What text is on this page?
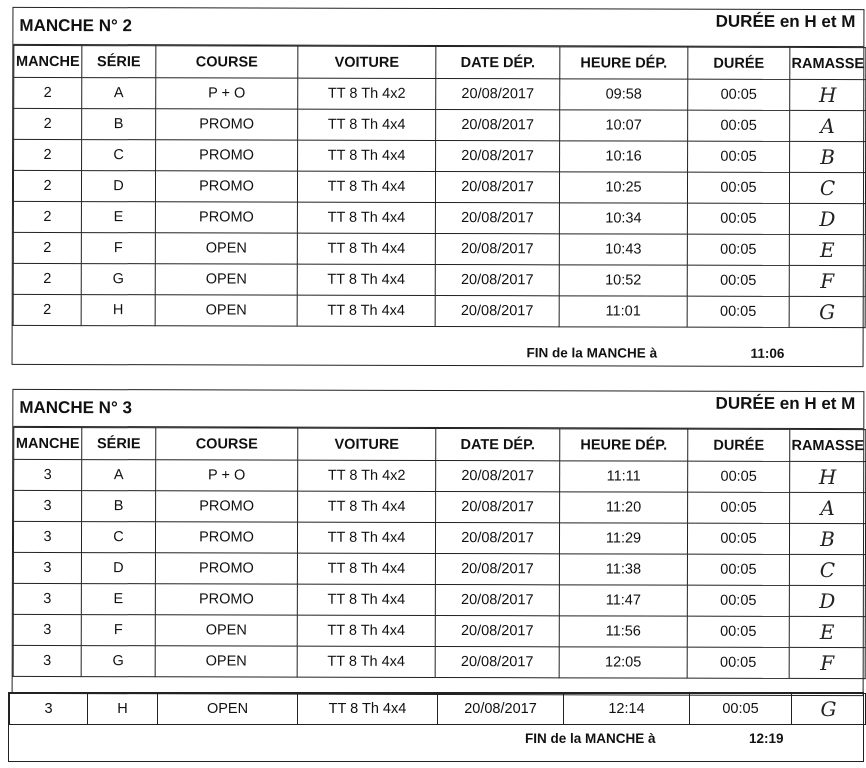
MANCHE N° 2	DURÉE en H et M
MANCHE	SÉRIE	COURSE	VOITURE	DATE DÉP.	HEURE DÉP.	DURÉE	RAMASSE
2	A	P + O	TT 8 Th 4x2	20/08/2017	09:58	00:05	H
2	B	PROMO	TT 8 Th 4x4	20/08/2017	10:07	00:05	A
2	C	PROMO	TT 8 Th 4x4	20/08/2017	10:16	00:05	B
2	D	PROMO	TT 8 Th 4x4	20/08/2017	10:25	00:05	C
2	E	PROMO	TT 8 Th 4x4	20/08/2017	10:34	00:05	D
2	F	OPEN	TT 8 Th 4x4	20/08/2017	10:43	00:05	E
2	G	OPEN	TT 8 Th 4x4	20/08/2017	10:52	00:05	F
2	H	OPEN	TT 8 Th 4x4	20/08/2017	11:01	00:05	G
FIN de la MANCHE à	11:06
MANCHE N° 3	DURÉE en H et M
MANCHE	SÉRIE	COURSE	VOITURE	DATE DÉP.	HEURE DÉP.	DURÉE	RAMASSE
3	A	P + O	TT 8 Th 4x2	20/08/2017	11:11	00:05	H
3	B	PROMO	TT 8 Th 4x4	20/08/2017	11:20	00:05	A
3	C	PROMO	TT 8 Th 4x4	20/08/2017	11:29	00:05	B
3	D	PROMO	TT 8 Th 4x4	20/08/2017	11:38	00:05	C
3	E	PROMO	TT 8 Th 4x4	20/08/2017	11:47	00:05	D
3	F	OPEN	TT 8 Th 4x4	20/08/2017	11:56	00:05	E
3	G	OPEN	TT 8 Th 4x4	20/08/2017	12:05	00:05	F
3	H	OPEN	TT 8 Th 4x4	20/08/2017	12:14	00:05	G
FIN de la MANCHE à	12:19
